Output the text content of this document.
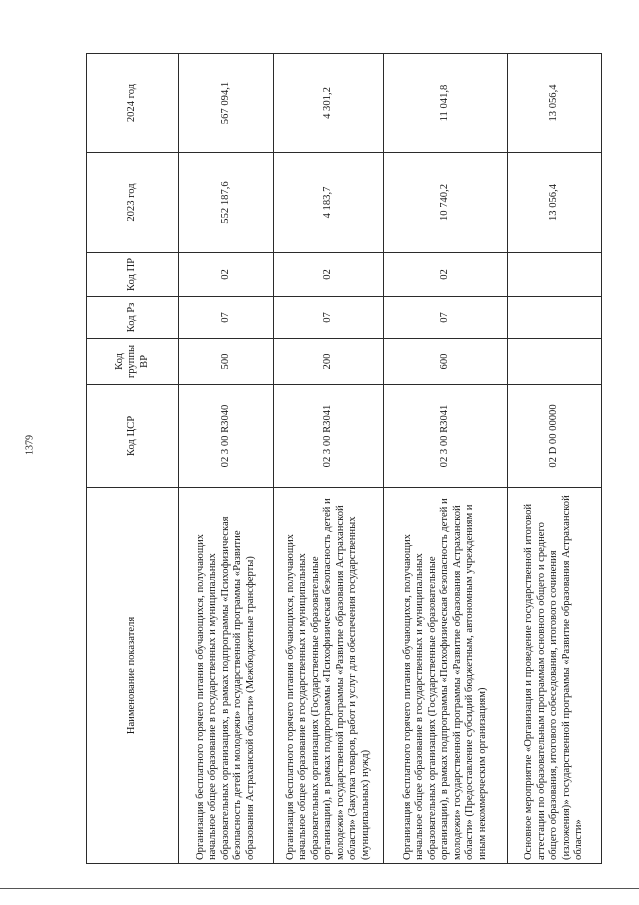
1379
Наименование показателя	Код ЦСР	Код группы ВР	Код Рз	Код ПР	2023 год	2024 год
Организация бесплатного горячего питания обучающихся, получающих начальное общее образование в государственных и муниципальных образовательных организациях, в рамках подпрограммы «Психофизическая безопасность детей и молодежи» государственной программы «Развитие образования Астраханской области» (Межбюджетные трансферты)	02 3 00 R3040	500	07	02	552 187,6	567 094,1
Организация бесплатного горячего питания обучающихся, получающих начальное общее образование в государственных и муниципальных образовательных организациях (Государственные образовательные организации), в рамках подпрограммы «Психофизическая безопасность детей и молодежи» государственной программы «Развитие образования Астраханской области» (Закупка товаров, работ и услуг для обеспечения государственных (муниципальных) нужд)	02 3 00 R3041	200	07	02	4 183,7	4 301,2
Организация бесплатного горячего питания обучающихся, получающих начальное общее образование в государственных и муниципальных образовательных организациях (Государственные образовательные организации), в рамках подпрограммы «Психофизическая безопасность детей и молодежи» государственной программы «Развитие образования Астраханской области» (Предоставление субсидий бюджетным, автономным учреждениям и иным некоммерческим организациям)	02 3 00 R3041	600	07	02	10 740,2	11 041,8
Основное мероприятие «Организация и проведение государственной итоговой аттестации по образовательным программам основного общего и среднего общего образования, итогового собеседования, итогового сочинения (изложения)» государственной программы «Развитие образования Астраханской области»	02 D 00 00000				13 056,4	13 056,4
